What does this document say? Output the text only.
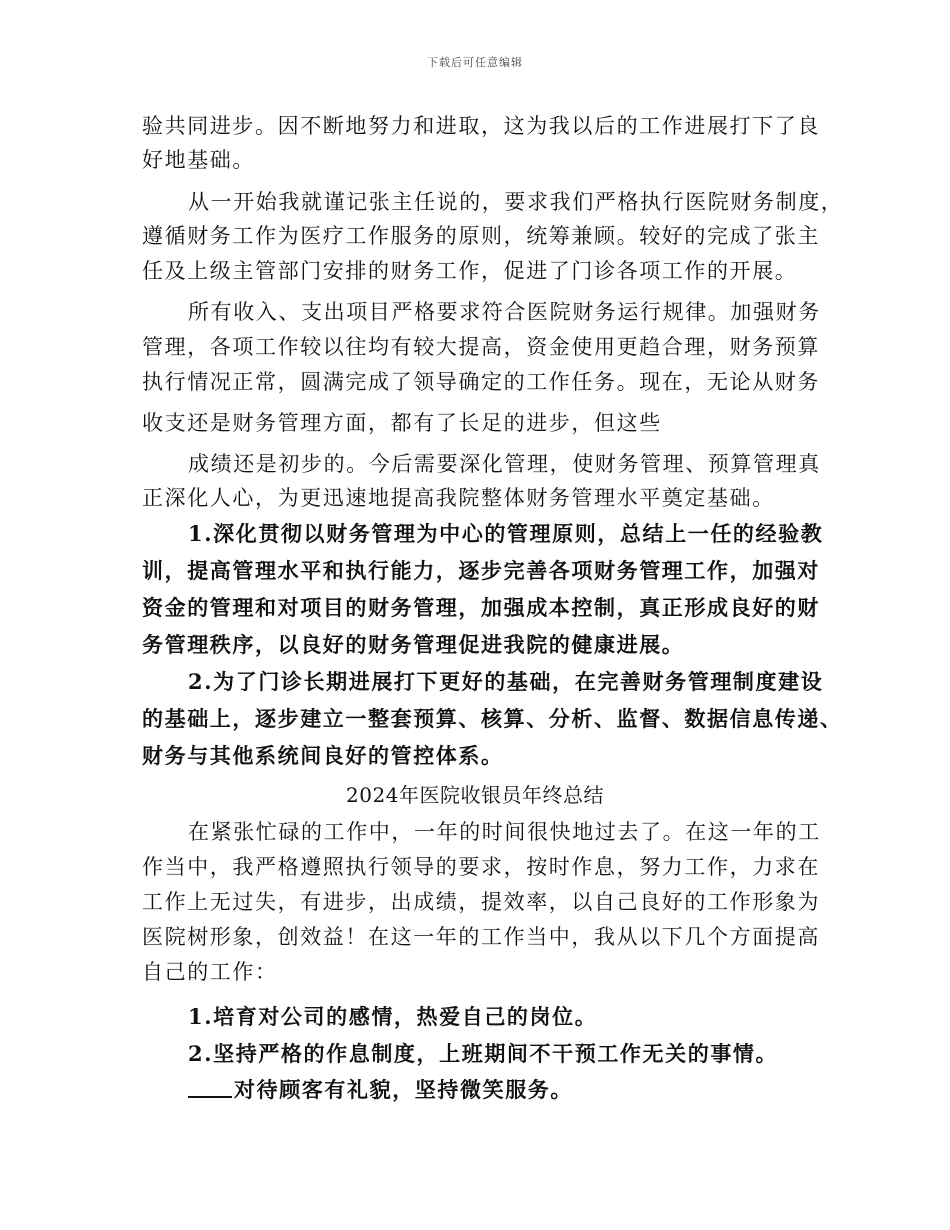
下载后可任意编辑
验共同进步。因不断地努力和进取，这为我以后的工作进展打下了良
好地基础。
从一开始我就谨记张主任说的，要求我们严格执行医院财务制度，
遵循财务工作为医疗工作服务的原则，统筹兼顾。较好的完成了张主
任及上级主管部门安排的财务工作，促进了门诊各项工作的开展。
所有收入、支出项目严格要求符合医院财务运行规律。加强财务
管理，各项工作较以往均有较大提高，资金使用更趋合理，财务预算
执行情况正常，圆满完成了领导确定的工作任务。现在，无论从财务
收支还是财务管理方面，都有了长足的进步，但这些
成绩还是初步的。今后需要深化管理，使财务管理、预算管理真
正深化人心，为更迅速地提高我院整体财务管理水平奠定基础。
1.深化贯彻以财务管理为中心的管理原则，总结上一任的经验教
训，提高管理水平和执行能力，逐步完善各项财务管理工作，加强对
资金的管理和对项目的财务管理，加强成本控制，真正形成良好的财
务管理秩序，以良好的财务管理促进我院的健康进展。
2.为了门诊长期进展打下更好的基础，在完善财务管理制度建设
的基础上，逐步建立一整套预算、核算、分析、监督、数据信息传递、
财务与其他系统间良好的管控体系。
2024年医院收银员年终总结
在紧张忙碌的工作中，一年的时间很快地过去了。在这一年的工
作当中，我严格遵照执行领导的要求，按时作息，努力工作，力求在
工作上无过失，有进步，出成绩，提效率，以自己良好的工作形象为
医院树形象，创效益！在这一年的工作当中，我从以下几个方面提高
自己的工作：
1.培育对公司的感情，热爱自己的岗位。
2.坚持严格的作息制度，上班期间不干预工作无关的事情。
对待顾客有礼貌，坚持微笑服务。
